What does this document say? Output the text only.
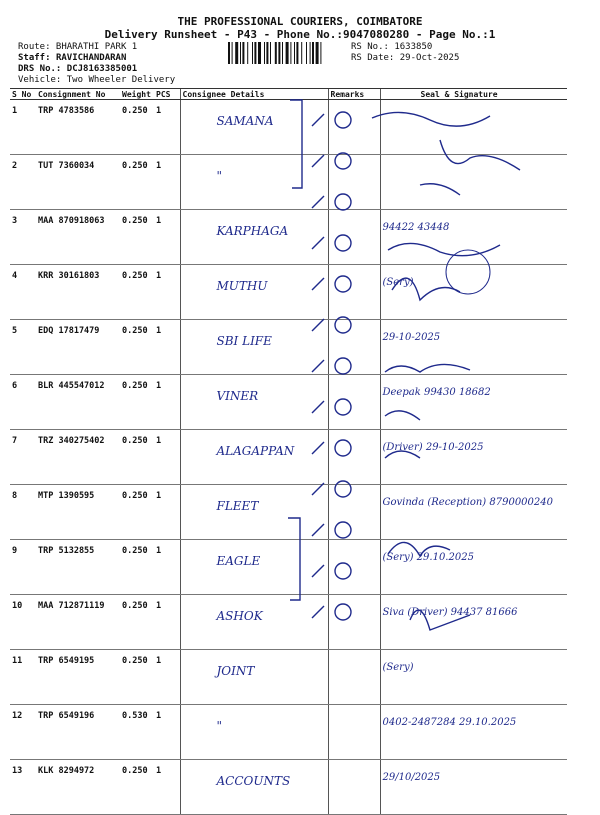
THE PROFESSIONAL COURIERS, COIMBATORE
Delivery Runsheet - P43 - Phone No.:9047080280 - Page No.:1
Route: BHARATHI PARK 1
Staff: RAVICHANDARAN
DRS No.: DCJ8163385001
Vehicle: Two Wheeler Delivery
RS No.: 1633850
RS Date: 29-Oct-2025
S No	Consignment No	Weight	PCS	Consignee Details	Remarks	Seal & Signature
1	TRP 4783586	0.250	1	SAMANA		
2	TUT 7360034	0.250	1	"		
3	MAA 870918063	0.250	1	KARPHAGA		94422 43448
4	KRR 30161803	0.250	1	MUTHU		(Sery)
5	EDQ 17817479	0.250	1	SBI LIFE		29-10-2025
6	BLR 445547012	0.250	1	VINER		Deepak 99430 18682
7	TRZ 340275402	0.250	1	ALAGAPPAN		(Driver) 29-10-2025
8	MTP 1390595	0.250	1	FLEET		Govinda (Reception) 8790000240
9	TRP 5132855	0.250	1	EAGLE		(Sery) 29.10.2025
10	MAA 712871119	0.250	1	ASHOK		Siva (Driver) 94437 81666
11	TRP 6549195	0.250	1	JOINT		(Sery)
12	TRP 6549196	0.530	1	"		0402-2487284 29.10.2025
13	KLK 8294972	0.250	1	ACCOUNTS		29/10/2025
